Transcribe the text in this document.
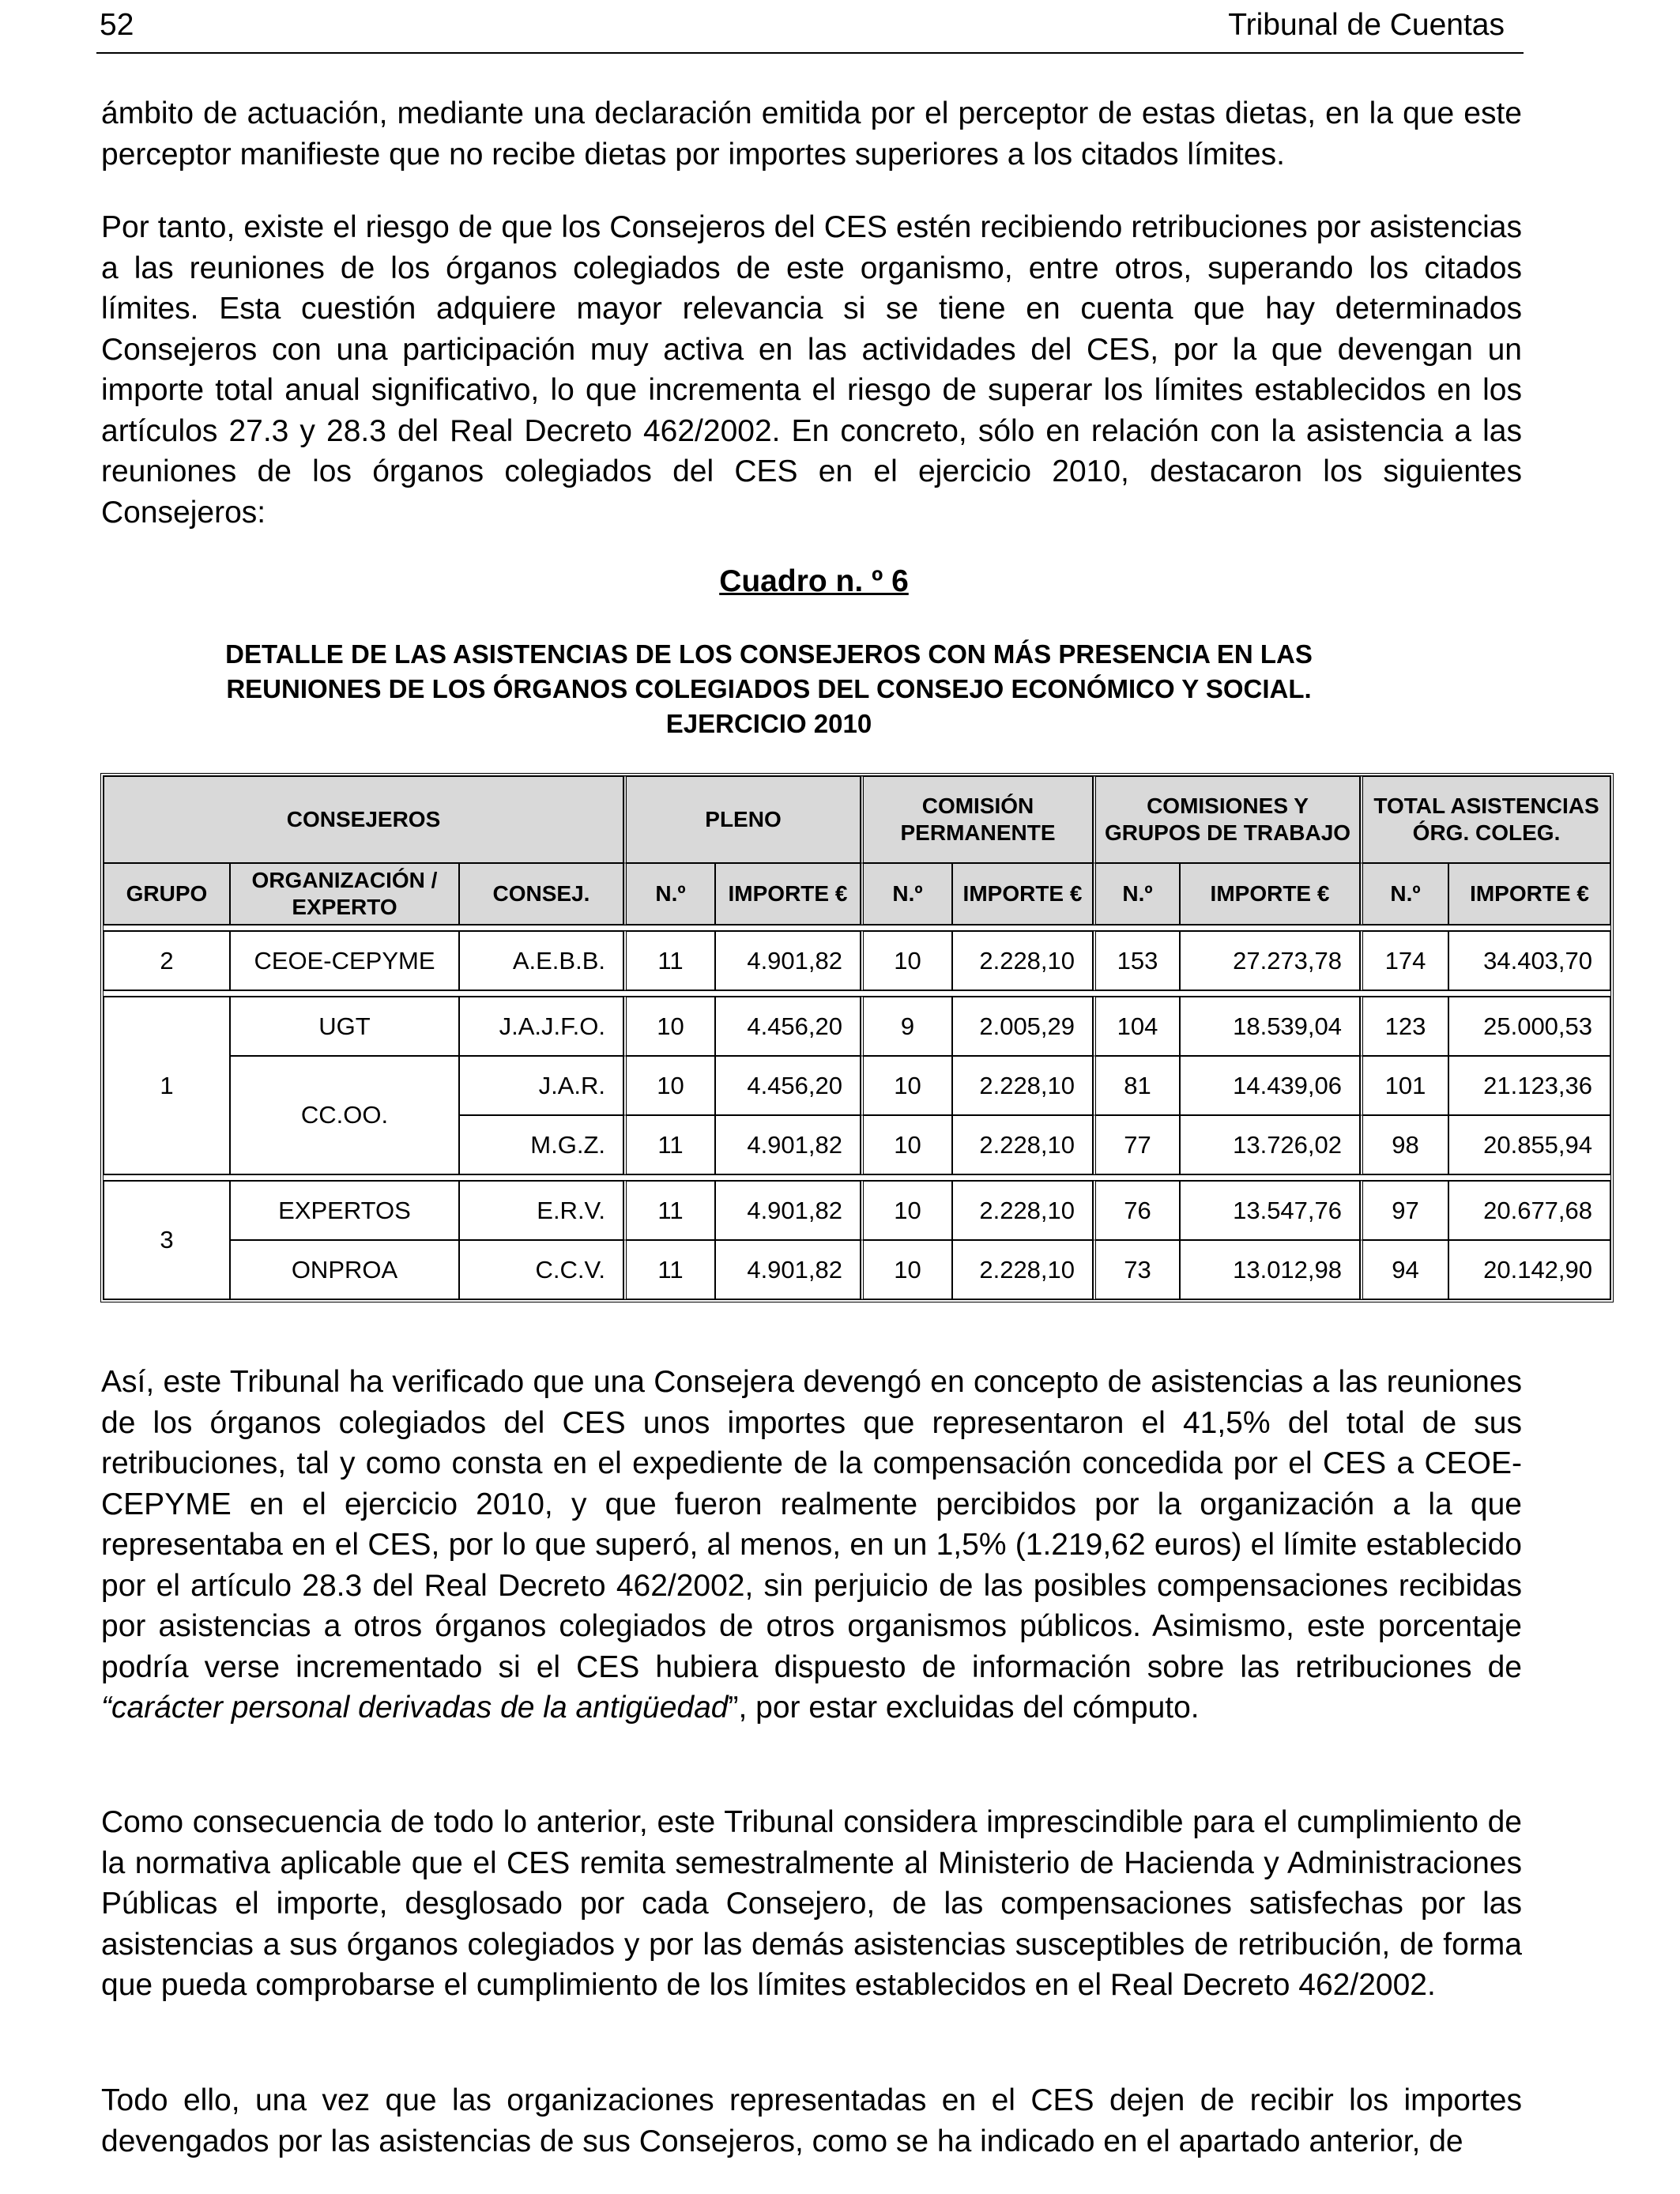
52	Tribunal de Cuentas

ámbito de actuación, mediante una declaración emitida por el perceptor de estas dietas, en la que este perceptor manifieste que no recibe dietas por importes superiores a los citados límites.

Por tanto, existe el riesgo de que los Consejeros del CES estén recibiendo retribuciones por asistencias a las reuniones de los órganos colegiados de este organismo, entre otros, superando los citados límites. Esta cuestión adquiere mayor relevancia si se tiene en cuenta que hay determinados Consejeros con una participación muy activa en las actividades del CES, por la que devengan un importe total anual significativo, lo que incrementa el riesgo de superar los límites establecidos en los artículos 27.3 y 28.3 del Real Decreto 462/2002. En concreto, sólo en relación con la asistencia a las reuniones de los órganos colegiados del CES en el ejercicio 2010, destacaron los siguientes Consejeros:

Cuadro n. º 6
DETALLE DE LAS ASISTENCIAS DE LOS CONSEJEROS CON MÁS PRESENCIA EN LAS
REUNIONES DE LOS ÓRGANOS COLEGIADOS DEL CONSEJO ECONÓMICO Y SOCIAL.
EJERCICIO 2010
CONSEJEROS			PLENO		COMISIÓN PERMANENTE		COMISIONES Y GRUPOS DE TRABAJO		TOTAL ASISTENCIAS ÓRG. COLEG.	
GRUPO	ORGANIZACIÓN / EXPERTO	CONSEJ.	N.º	IMPORTE €	N.º	IMPORTE €	N.º	IMPORTE €	N.º	IMPORTE €

2	CEOE-CEPYME	A.E.B.B.	11	4.901,82	10	2.228,10	153	27.273,78	174	34.403,70

1	UGT	J.A.J.F.O.	10	4.456,20	9	2.005,29	104	18.539,04	123	25.000,53
	CC.OO.	J.A.R.	10	4.456,20	10	2.228,10	81	14.439,06	101	21.123,36
		M.G.Z.	11	4.901,82	10	2.228,10	77	13.726,02	98	20.855,94

3	EXPERTOS	E.R.V.	11	4.901,82	10	2.228,10	76	13.547,76	97	20.677,68
	ONPROA	C.C.V.	11	4.901,82	10	2.228,10	73	13.012,98	94	20.142,90

Así, este Tribunal ha verificado que una Consejera devengó en concepto de asistencias a las reuniones de los órganos colegiados del CES unos importes que representaron el 41,5% del total de sus retribuciones, tal y como consta en el expediente de la compensación concedida por el CES a CEOE-CEPYME en el ejercicio 2010, y que fueron realmente percibidos por la organización a la que representaba en el CES, por lo que superó, al menos, en un 1,5% (1.219,62 euros) el límite establecido por el artículo 28.3 del Real Decreto 462/2002, sin perjuicio de las posibles compensaciones recibidas por asistencias a otros órganos colegiados de otros organismos públicos. Asimismo, este porcentaje podría verse incrementado si el CES hubiera dispuesto de información sobre las retribuciones de “carácter personal derivadas de la antigüedad”, por estar excluidas del cómputo.

Como consecuencia de todo lo anterior, este Tribunal considera imprescindible para el cumplimiento de la normativa aplicable que el CES remita semestralmente al Ministerio de Hacienda y Administraciones Públicas el importe, desglosado por cada Consejero, de las compensaciones satisfechas por las asistencias a sus órganos colegiados y por las demás asistencias susceptibles de retribución, de forma que pueda comprobarse el cumplimiento de los límites establecidos en el Real Decreto 462/2002.

Todo ello, una vez que las organizaciones representadas en el CES dejen de recibir los importes devengados por las asistencias de sus Consejeros, como se ha indicado en el apartado anterior, de
